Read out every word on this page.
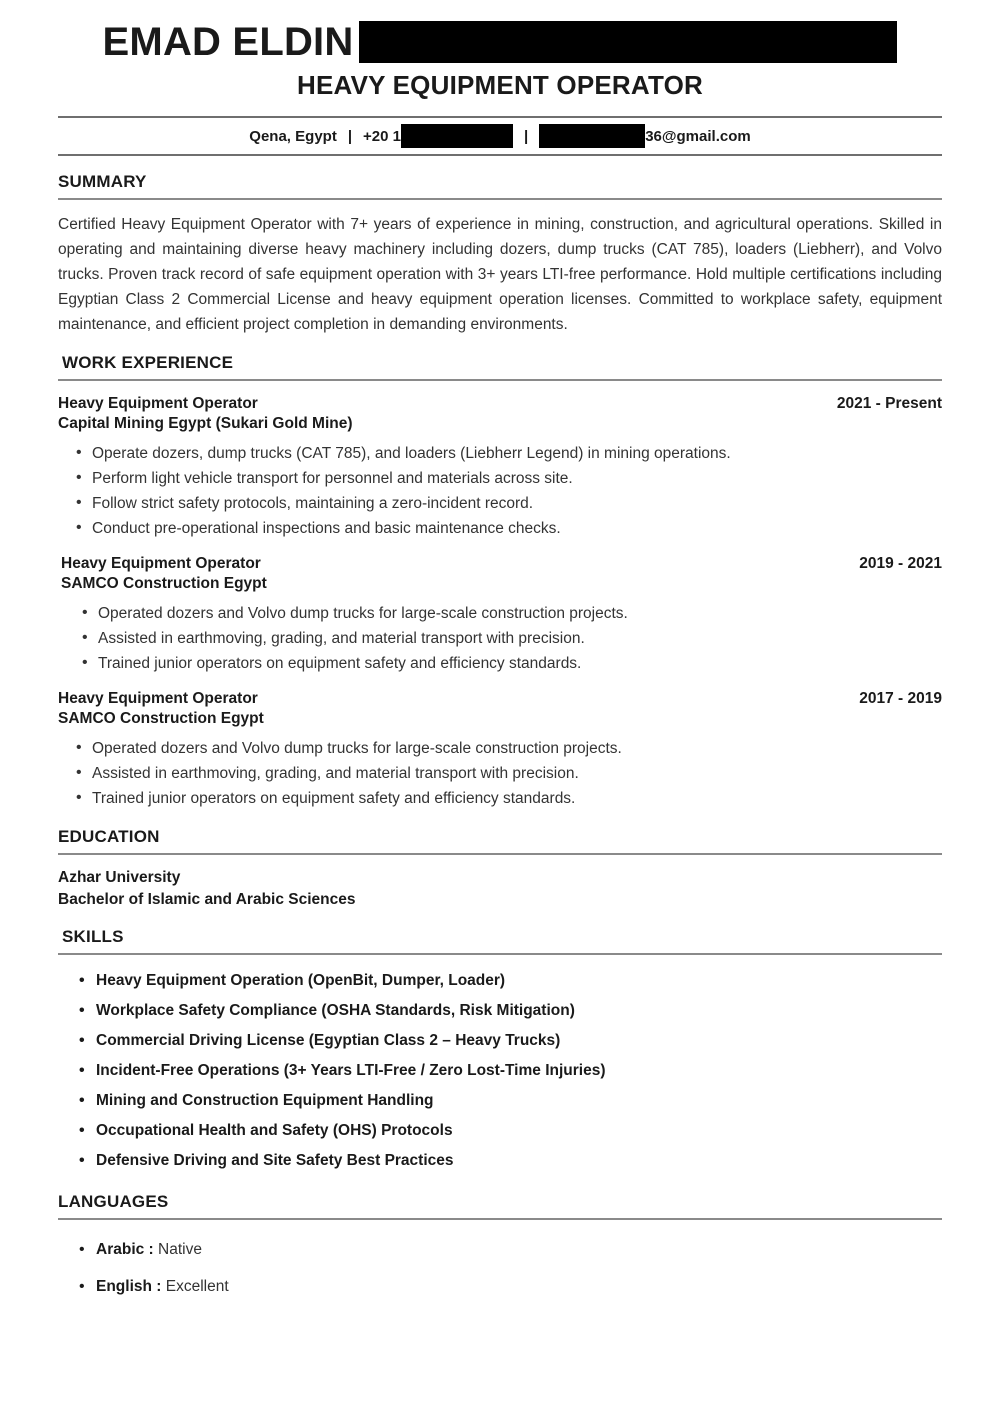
EMAD ELDIN
HEAVY EQUIPMENT OPERATOR
Qena, Egypt | +20 1	|	36@gmail.com
SUMMARY

Certified Heavy Equipment Operator with 7+ years of experience in mining, construction, and agricultural operations. Skilled in operating and maintaining diverse heavy machinery including dozers, dump trucks (CAT 785), loaders (Liebherr), and Volvo trucks. Proven track record of safe equipment operation with 3+ years LTI-free performance. Hold multiple certifications including Egyptian Class 2 Commercial License and heavy equipment operation licenses. Committed to workplace safety, equipment maintenance, and efficient project completion in demanding environments.

WORK EXPERIENCE
Heavy Equipment Operator	2021 - Present
Capital Mining Egypt (Sukari Gold Mine)
• Operate dozers, dump trucks (CAT 785), and loaders (Liebherr Legend) in mining operations.
• Perform light vehicle transport for personnel and materials across site.
• Follow strict safety protocols, maintaining a zero-incident record.
• Conduct pre-operational inspections and basic maintenance checks.
Heavy Equipment Operator	2019 - 2021
SAMCO Construction Egypt
• Operated dozers and Volvo dump trucks for large-scale construction projects.
• Assisted in earthmoving, grading, and material transport with precision.
• Trained junior operators on equipment safety and efficiency standards.
Heavy Equipment Operator	2017 - 2019
SAMCO Construction Egypt
• Operated dozers and Volvo dump trucks for large-scale construction projects.
• Assisted in earthmoving, grading, and material transport with precision.
• Trained junior operators on equipment safety and efficiency standards.
EDUCATION
Azhar University
Bachelor of Islamic and Arabic Sciences
SKILLS
• Heavy Equipment Operation (OpenBit, Dumper, Loader)
• Workplace Safety Compliance (OSHA Standards, Risk Mitigation)
• Commercial Driving License (Egyptian Class 2 – Heavy Trucks)
• Incident-Free Operations (3+ Years LTI-Free / Zero Lost-Time Injuries)
• Mining and Construction Equipment Handling
• Occupational Health and Safety (OHS) Protocols
• Defensive Driving and Site Safety Best Practices
LANGUAGES
• Arabic : Native
• English : Excellent
